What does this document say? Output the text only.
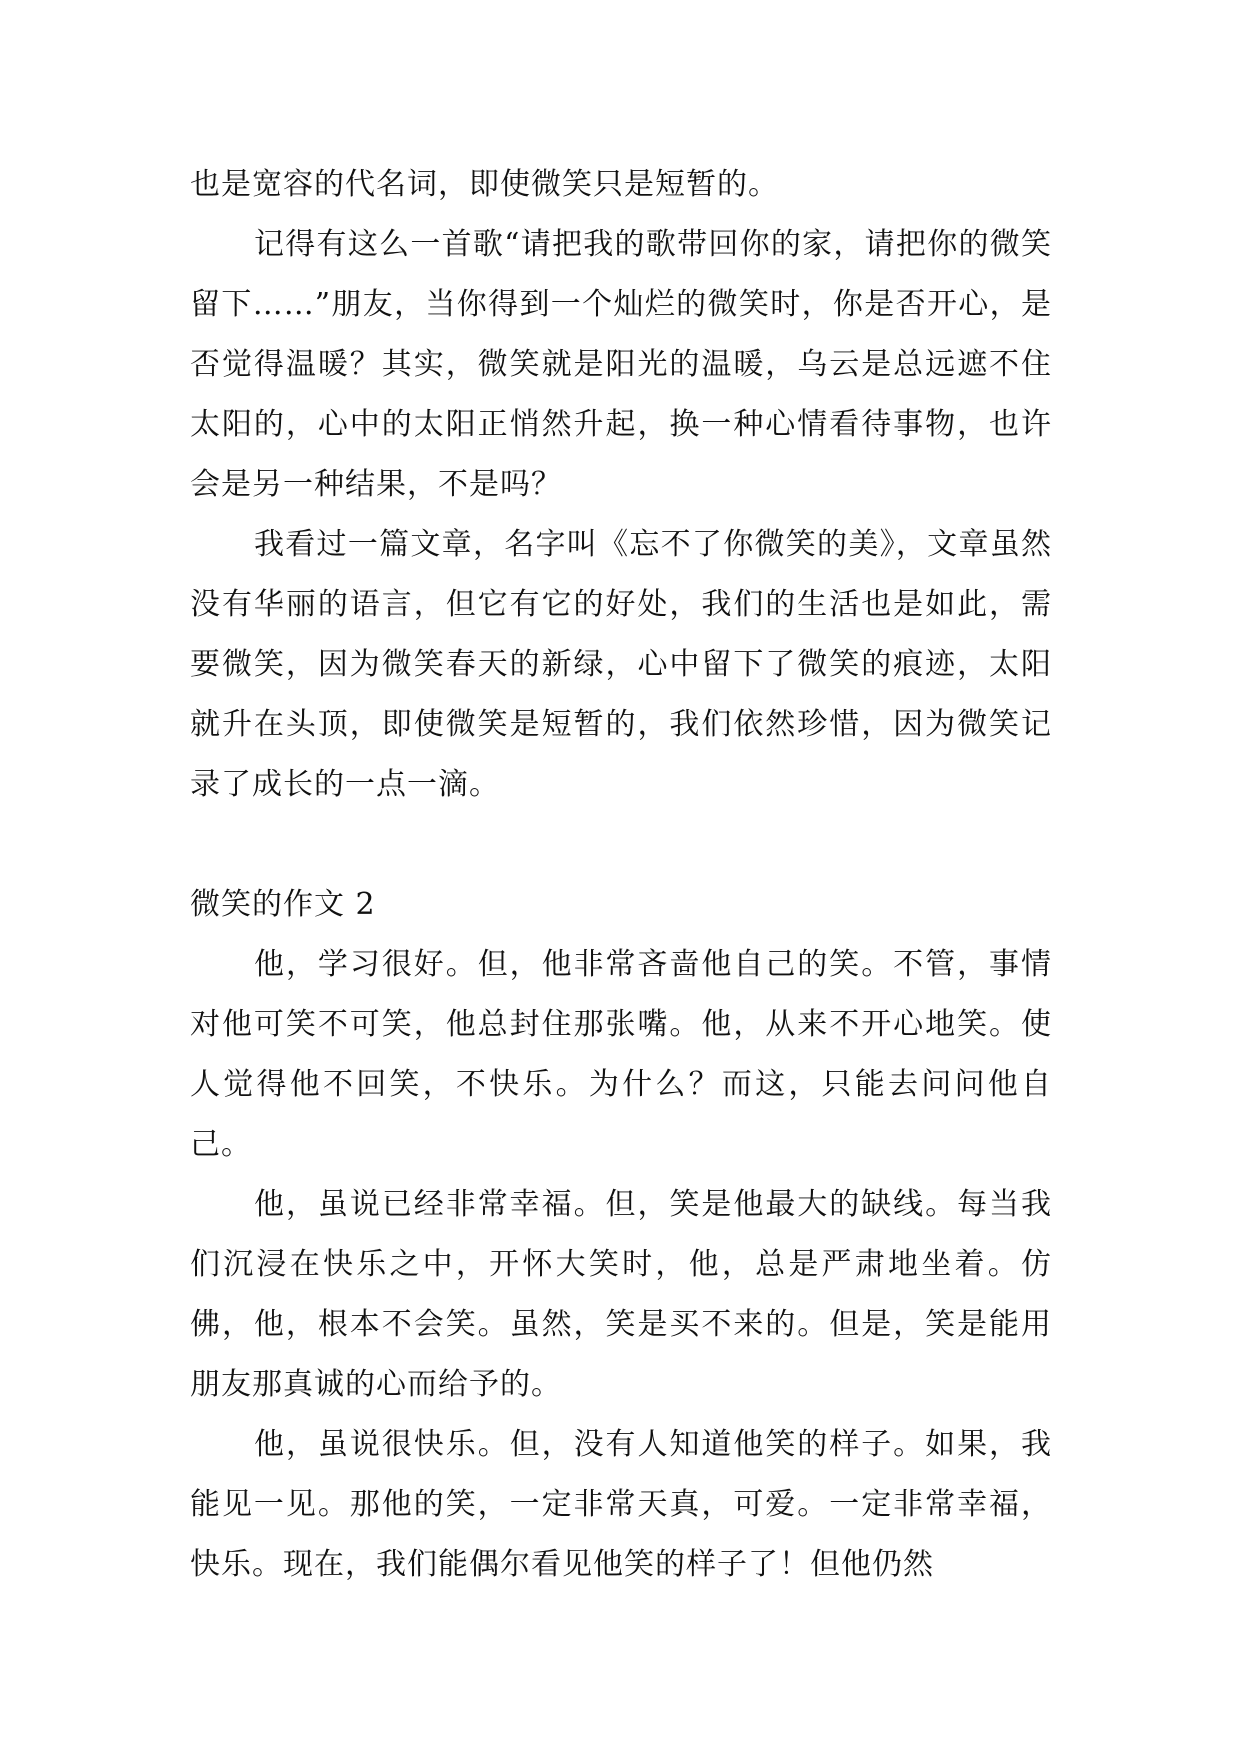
也是宽容的代名词，即使微笑只是短暂的。

记得有这么一首歌“请把我的歌带回你的家，请把你的微笑留下……”朋友，当你得到一个灿烂的微笑时，你是否开心，是否觉得温暖？其实，微笑就是阳光的温暖，乌云是总远遮不住太阳的，心中的太阳正悄然升起，换一种心情看待事物，也许会是另一种结果，不是吗？

我看过一篇文章，名字叫《忘不了你微笑的美》，文章虽然没有华丽的语言，但它有它的好处，我们的生活也是如此，需要微笑，因为微笑春天的新绿，心中留下了微笑的痕迹，太阳就升在头顶，即使微笑是短暂的，我们依然珍惜，因为微笑记录了成长的一点一滴。

微笑的作文 2

他，学习很好。但，他非常吝啬他自己的笑。不管，事情对他可笑不可笑，他总封住那张嘴。他，从来不开心地笑。使人觉得他不回笑，不快乐。为什么？而这，只能去问问他自己。

他，虽说已经非常幸福。但，笑是他最大的缺线。每当我们沉浸在快乐之中，开怀大笑时，他，总是严肃地坐着。仿佛，他，根本不会笑。虽然，笑是买不来的。但是，笑是能用朋友那真诚的心而给予的。

他，虽说很快乐。但，没有人知道他笑的样子。如果，我能见一见。那他的笑，一定非常天真，可爱。一定非常幸福，快乐。现在，我们能偶尔看见他笑的样子了！但他仍然
